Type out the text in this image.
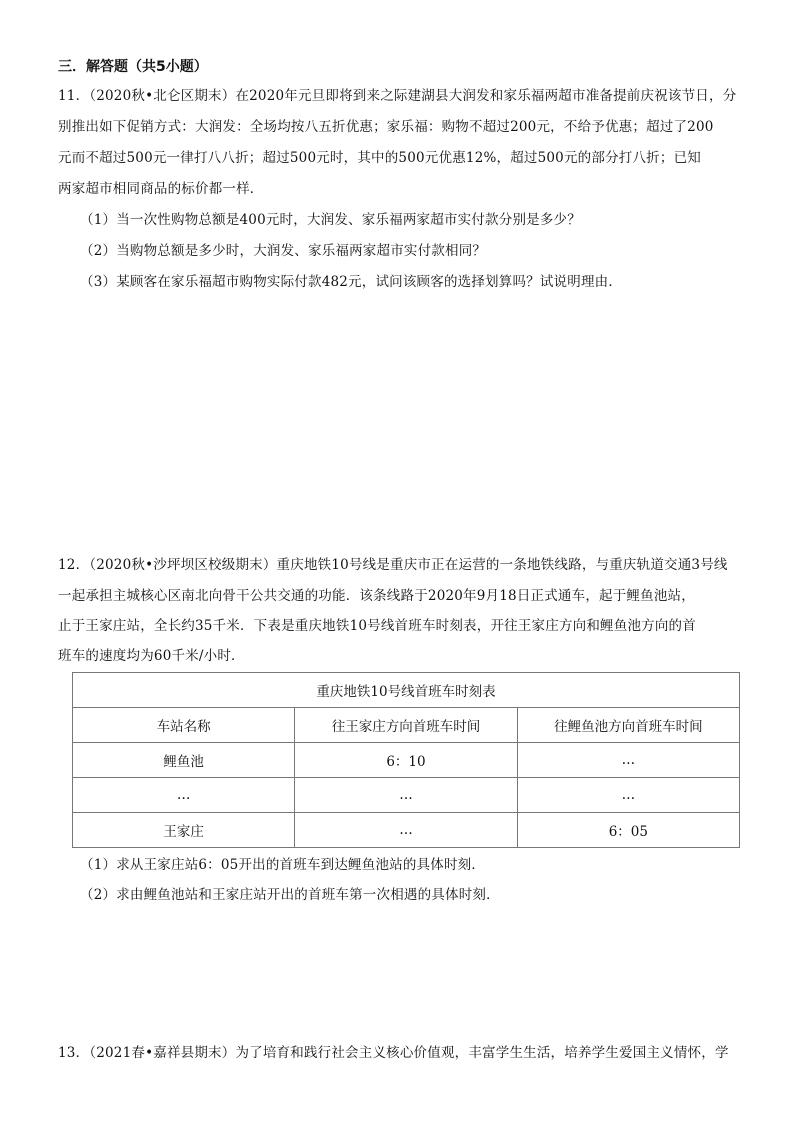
三．解答题（共5小题）
11．（2020秋•北仑区期末）在2020年元旦即将到来之际建湖县大润发和家乐福两超市准备提前庆祝该节日，分
别推出如下促销方式：大润发：全场均按八五折优惠；家乐福：购物不超过200元，不给予优惠；超过了200
元而不超过500元一律打八八折；超过500元时，其中的500元优惠12%，超过500元的部分打八折；已知
两家超市相同商品的标价都一样．
（1）当一次性购物总额是400元时，大润发、家乐福两家超市实付款分别是多少？
（2）当购物总额是多少时，大润发、家乐福两家超市实付款相同？
（3）某顾客在家乐福超市购物实际付款482元，试问该顾客的选择划算吗？试说明理由．
12．（2020秋•沙坪坝区校级期末）重庆地铁10号线是重庆市正在运营的一条地铁线路，与重庆轨道交通3号线
一起承担主城核心区南北向骨干公共交通的功能．该条线路于2020年9月18日正式通车，起于鲤鱼池站，
止于王家庄站，全长约35千米．下表是重庆地铁10号线首班车时刻表，开往王家庄方向和鲤鱼池方向的首
班车的速度均为60千米/小时．
重庆地铁10号线首班车时刻表		
车站名称	往王家庄方向首班车时间	往鲤鱼池方向首班车时间
鲤鱼池	6：10	…
…	…	…
王家庄	…	6：05
（1）求从王家庄站6：05开出的首班车到达鲤鱼池站的具体时刻．
（2）求由鲤鱼池站和王家庄站开出的首班车第一次相遇的具体时刻．
13．（2021春•嘉祥县期末）为了培育和践行社会主义核心价值观，丰富学生生活，培养学生爱国主义情怀，学
